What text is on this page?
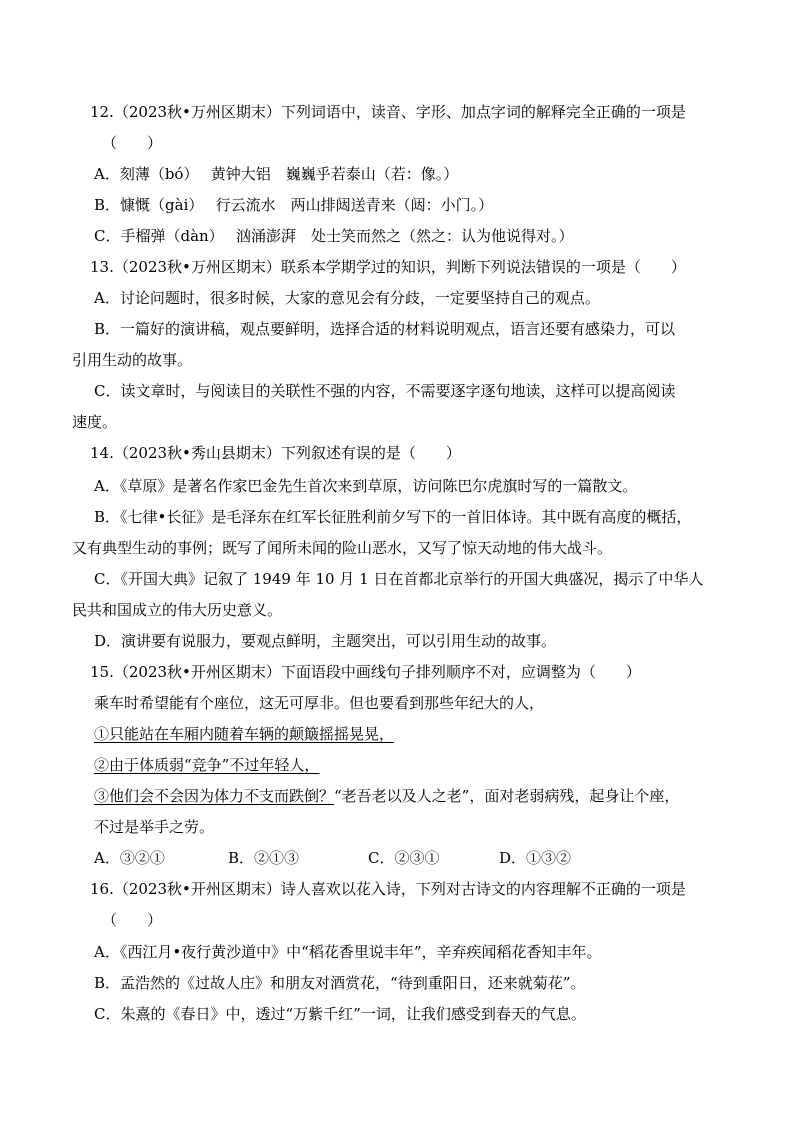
12.（2023秋•万州区期末）下列词语中，读音、字形、加点字词的解释完全正确的一项是
（　　）
A．刻薄（bó）　 黄钟大铝　巍巍乎若泰山（若：像。）
B．慷慨（gài）　 行云流水　两山排闼送青来（闼：小门。）
C．手榴弹（dàn）　 汹涌澎湃　处士笑而然之（然之：认为他说得对。）
13.（2023秋•万州区期末）联系本学期学过的知识，判断下列说法错误的一项是（　　）
A．讨论问题时，很多时候，大家的意见会有分歧，一定要坚持自己的观点。
B．一篇好的演讲稿，观点要鲜明，选择合适的材料说明观点，语言还要有感染力，可以
引用生动的故事。
C．读文章时，与阅读目的关联性不强的内容，不需要逐字逐句地读，这样可以提高阅读
速度。
14.（2023秋•秀山县期末）下列叙述有误的是（　　）
A．《草原》是著名作家巴金先生首次来到草原，访问陈巴尔虎旗时写的一篇散文。
B．《七律•长征》是毛泽东在红军长征胜利前夕写下的一首旧体诗。其中既有高度的概括，
又有典型生动的事例；既写了闻所未闻的险山恶水，又写了惊天动地的伟大战斗。
C．《开国大典》记叙了 1949 年 10 月 1 日在首都北京举行的开国大典盛况，揭示了中华人
民共和国成立的伟大历史意义。
D．演讲要有说服力，要观点鲜明，主题突出，可以引用生动的故事。
15.（2023秋•开州区期末）下面语段中画线句子排列顺序不对，应调整为（　　）
乘车时希望能有个座位，这无可厚非。但也要看到那些年纪大的人，
①只能站在车厢内随着车辆的颠簸摇摇晃晃，
②由于体质弱“竞争”不过年轻人，
③他们会不会因为体力不支而跌倒？“老吾老以及人之老”，面对老弱病残，起身让个座，
不过是举手之劳。
A．③②①	B．②①③	C．②③①	D．①③②
16.（2023秋•开州区期末）诗人喜欢以花入诗，下列对古诗文的内容理解不正确的一项是
（　　）
A．《西江月•夜行黄沙道中》中“稻花香里说丰年”，辛弃疾闻稻花香知丰年。
B．孟浩然的《过故人庄》和朋友对酒赏花，“待到重阳日，还来就菊花”。
C．朱熹的《春日》中，透过“万紫千红”一词，让我们感受到春天的气息。
